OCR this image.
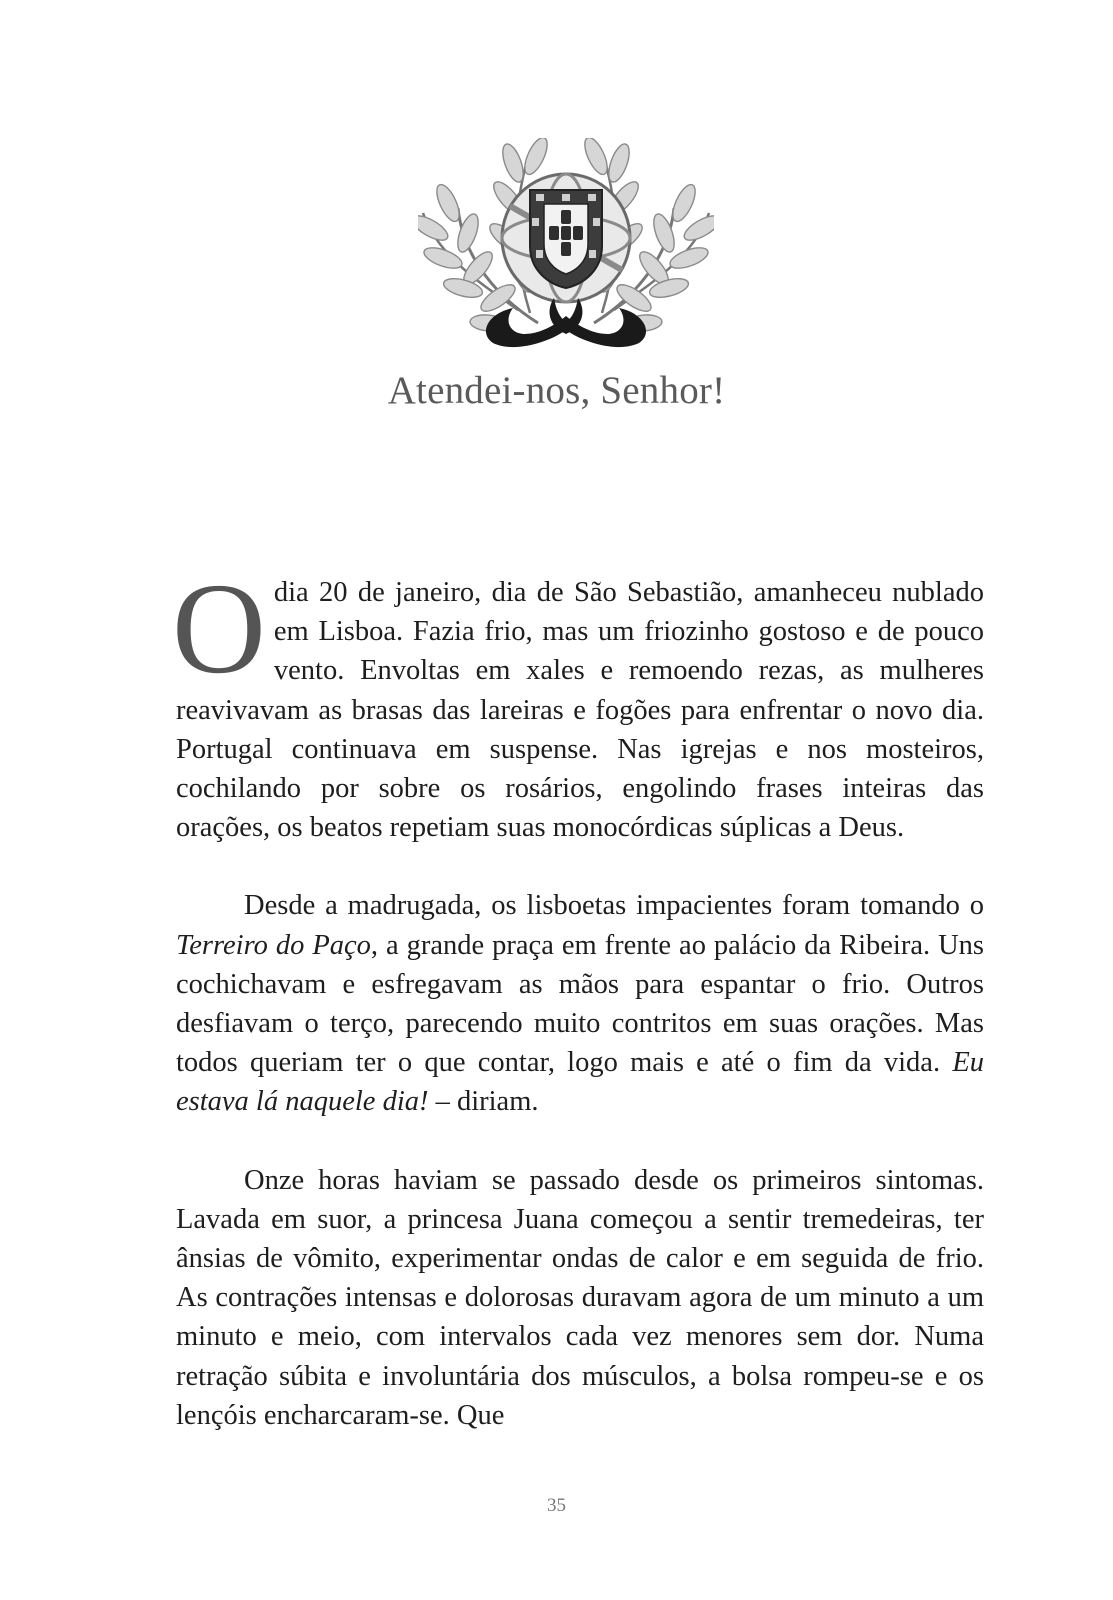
Atendei-nos, Senhor!

Odia 20 de janeiro, dia de São Sebastião, amanheceu nublado em Lisboa. Fazia frio, mas um friozinho gostoso e de pouco vento. Envoltas em xales e remoendo rezas, as mulheres reavivavam as brasas das lareiras e fogões para enfrentar o novo dia. Portugal continuava em suspense. Nas igrejas e nos mosteiros, cochilando por sobre os rosários, engolindo frases inteiras das orações, os beatos repetiam suas monocórdicas súplicas a Deus.

Desde a madrugada, os lisboetas impacientes foram tomando o Terreiro do Paço, a grande praça em frente ao palácio da Ribeira. Uns cochichavam e esfregavam as mãos para espantar o frio. Outros desfiavam o terço, parecendo muito contritos em suas orações. Mas todos queriam ter o que contar, logo mais e até o fim da vida. Eu estava lá naquele dia! – diriam.

Onze horas haviam se passado desde os primeiros sintomas. Lavada em suor, a princesa Juana começou a sentir tremedeiras, ter ânsias de vômito, experimentar ondas de calor e em seguida de frio. As contrações intensas e dolorosas duravam agora de um minuto a um minuto e meio, com intervalos cada vez menores sem dor. Numa retração súbita e involuntária dos músculos, a bolsa rompeu-se e os lençóis encharcaram-se. Que

35
